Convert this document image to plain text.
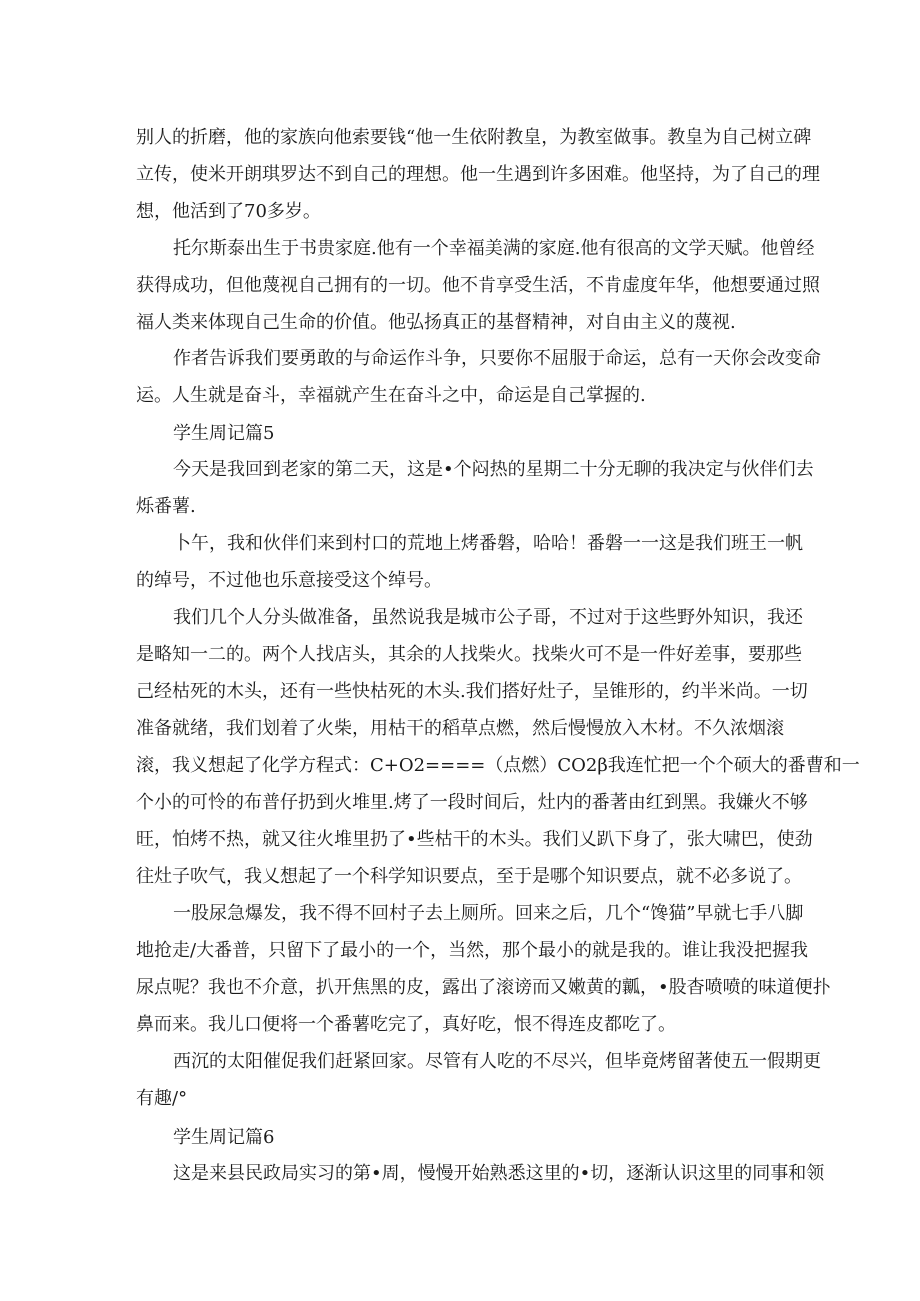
别人的折磨，他的家族向他索要钱“他一生依附教皇，为教室做事。教皇为自己树立碑
立传，使米开朗琪罗达不到自己的理想。他一生遇到许多困难。他坚持，为了自己的理
想，他活到了70多岁。

托尔斯泰出生于书贵家庭.他有一个幸福美满的家庭.他有很高的文学天赋。他曾经
获得成功，但他蔑视自己拥有的一切。他不肯享受生活，不肯虚度年华，他想要通过照
福人类来体现自己生命的价值。他弘扬真正的基督精神，对自由主义的蔑视.

作者告诉我们要勇敢的与命运作斗争，只要你不屈服于命运，总有一天你会改变命
运。人生就是奋斗，幸福就产生在奋斗之中，命运是自己掌握的.

学生周记篇5

今天是我回到老家的第二天，这是•个闷热的星期二十分无聊的我决定与伙伴们去
烁番薯.

卜午，我和伙伴们来到村口的荒地上烤番磐，哈哈！番磐一一这是我们班王一帆
的绰号，不过他也乐意接受这个绰号。

我们几个人分头做准备，虽然说我是城市公子哥，不过对于这些野外知识，我还
是略知一二的。两个人找店头，其余的人找柴火。找柴火可不是一件好差事，要那些
己经枯死的木头，还有一些快枯死的木头.我们搭好灶子，呈锥形的，约半米尚。一切
准备就绪，我们划着了火柴，用枯干的稻草点燃，然后慢慢放入木材。不久浓烟滚
滚，我义想起了化学方程式：C+O2====（点燃）CO2β我连忙把一个个硕大的番曹和一
个小的可怜的布普仔扔到火堆里.烤了一段时间后，灶内的番著由红到黑。我嫌火不够
旺，怕烤不热，就又往火堆里扔了•些枯干的木头。我们乂趴下身了，张大啸巴，使劲
往灶子吹气，我乂想起了一个科学知识要点，至于是哪个知识要点，就不必多说了。

一股尿急爆发，我不得不回村子去上厕所。回来之后，几个“馋猫”早就七手八脚
地抢走/大番普，只留下了最小的一个，当然，那个最小的就是我的。谁让我没把握我
尿点呢？我也不介意，扒开焦黑的皮，露出了滚谤而又嫩黄的瓤，•股杳喷喷的味道便扑
鼻而来。我儿口便将一个番薯吃完了，真好吃，恨不得连皮都吃了。

西沉的太阳催促我们赶紧回家。尽管有人吃的不尽兴，但毕竟烤留著使五一假期更
有趣/°

学生周记篇6

这是来县民政局实习的第•周，慢慢开始熟悉这里的•切，逐渐认识这里的同事和领
